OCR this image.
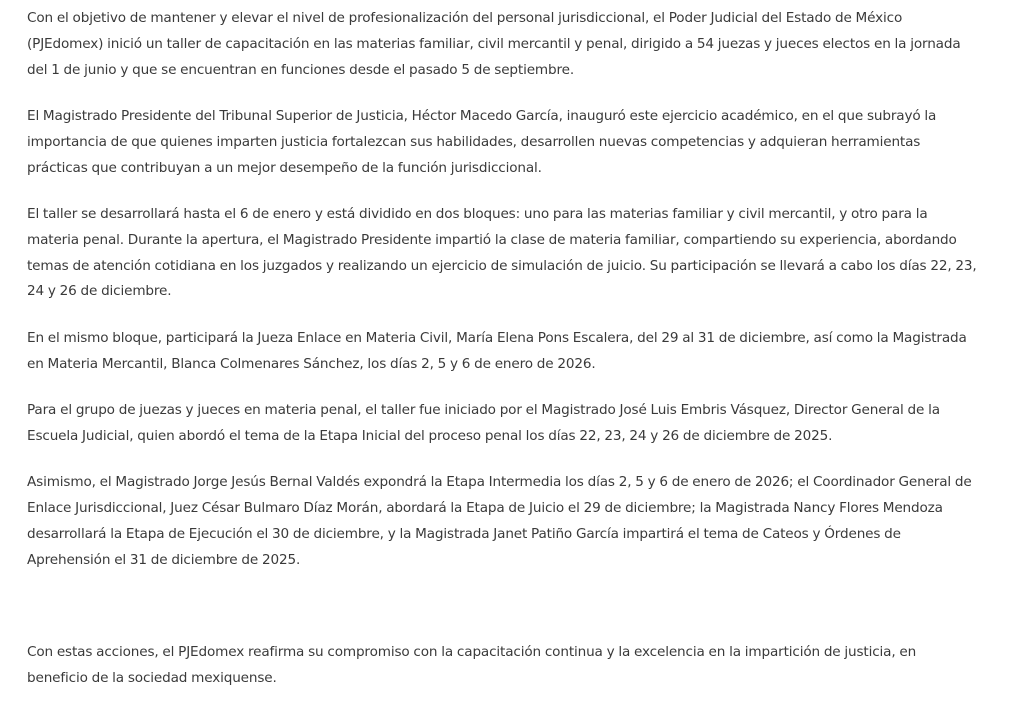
Con el objetivo de mantener y elevar el nivel de profesionalización del personal jurisdiccional, el Poder Judicial del Estado de México (PJEdomex) inició un taller de capacitación en las materias familiar, civil mercantil y penal, dirigido a 54 juezas y jueces electos en la jornada del 1 de junio y que se encuentran en funciones desde el pasado 5 de septiembre.

El Magistrado Presidente del Tribunal Superior de Justicia, Héctor Macedo García, inauguró este ejercicio académico, en el que subrayó la importancia de que quienes imparten justicia fortalezcan sus habilidades, desarrollen nuevas competencias y adquieran herramientas prácticas que contribuyan a un mejor desempeño de la función jurisdiccional.

El taller se desarrollará hasta el 6 de enero y está dividido en dos bloques: uno para las materias familiar y civil mercantil, y otro para la materia penal. Durante la apertura, el Magistrado Presidente impartió la clase de materia familiar, compartiendo su experiencia, abordando temas de atención cotidiana en los juzgados y realizando un ejercicio de simulación de juicio. Su participación se llevará a cabo los días 22, 23, 24 y 26 de diciembre.

En el mismo bloque, participará la Jueza Enlace en Materia Civil, María Elena Pons Escalera, del 29 al 31 de diciembre, así como la Magistrada en Materia Mercantil, Blanca Colmenares Sánchez, los días 2, 5 y 6 de enero de 2026.

Para el grupo de juezas y jueces en materia penal, el taller fue iniciado por el Magistrado José Luis Embris Vásquez, Director General de la Escuela Judicial, quien abordó el tema de la Etapa Inicial del proceso penal los días 22, 23, 24 y 26 de diciembre de 2025.

Asimismo, el Magistrado Jorge Jesús Bernal Valdés expondrá la Etapa Intermedia los días 2, 5 y 6 de enero de 2026; el Coordinador General de Enlace Jurisdiccional, Juez César Bulmaro Díaz Morán, abordará la Etapa de Juicio el 29 de diciembre; la Magistrada Nancy Flores Mendoza desarrollará la Etapa de Ejecución el 30 de diciembre, y la Magistrada Janet Patiño García impartirá el tema de Cateos y Órdenes de Aprehensión el 31 de diciembre de 2025.

Con estas acciones, el PJEdomex reafirma su compromiso con la capacitación continua y la excelencia en la impartición de justicia, en beneficio de la sociedad mexiquense.
